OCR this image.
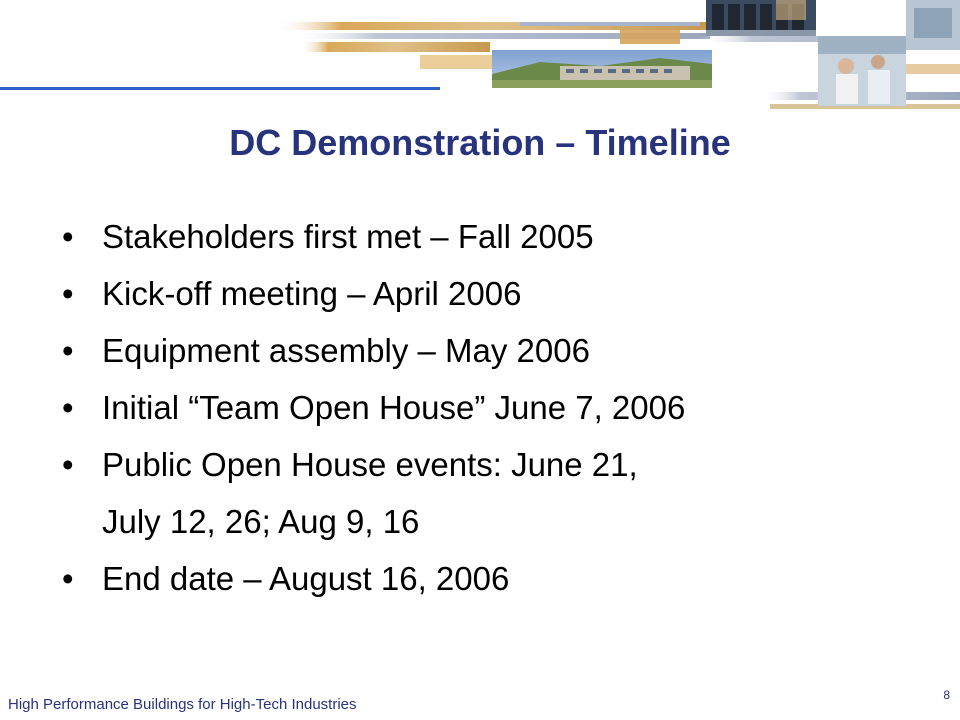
DC Demonstration – Timeline
• Stakeholders first met – Fall 2005
• Kick-off meeting – April 2006
• Equipment assembly – May 2006
• Initial “Team Open House” June 7, 2006
• Public Open House events: June 21,
July 12, 26; Aug 9, 16
• End date – August 16, 2006
High Performance Buildings for High-Tech Industries
8
